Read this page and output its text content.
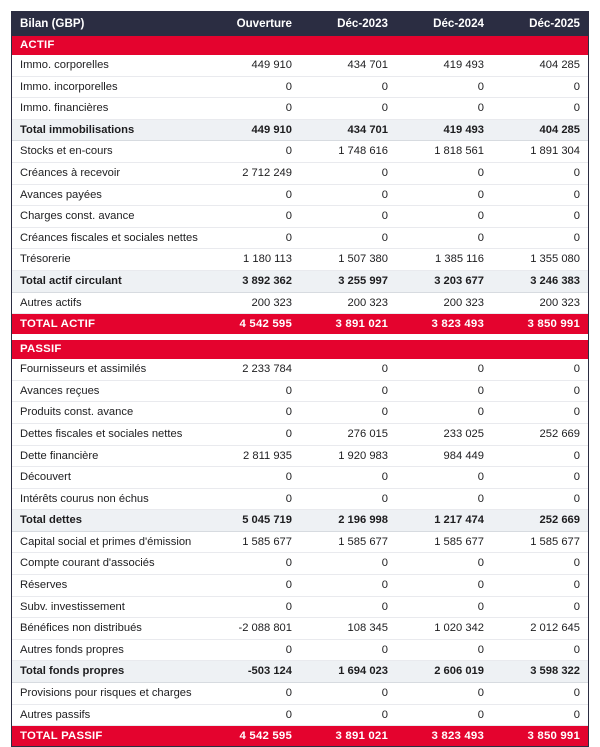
Bilan (GBP)	Ouverture	Déc-2023	Déc-2024	Déc-2025
ACTIF				
Immo. corporelles	449 910	434 701	419 493	404 285
Immo. incorporelles	0	0	0	0
Immo. financières	0	0	0	0
Total immobilisations	449 910	434 701	419 493	404 285
Stocks et en-cours	0	1 748 616	1 818 561	1 891 304
Créances à recevoir	2 712 249	0	0	0
Avances payées	0	0	0	0
Charges const. avance	0	0	0	0
Créances fiscales et sociales nettes	0	0	0	0
Trésorerie	1 180 113	1 507 380	1 385 116	1 355 080
Total actif circulant	3 892 362	3 255 997	3 203 677	3 246 383
Autres actifs	200 323	200 323	200 323	200 323
TOTAL ACTIF	4 542 595	3 891 021	3 823 493	3 850 991

PASSIF				
Fournisseurs et assimilés	2 233 784	0	0	0
Avances reçues	0	0	0	0
Produits const. avance	0	0	0	0
Dettes fiscales et sociales nettes	0	276 015	233 025	252 669
Dette financière	2 811 935	1 920 983	984 449	0
Découvert	0	0	0	0
Intérêts courus non échus	0	0	0	0
Total dettes	5 045 719	2 196 998	1 217 474	252 669
Capital social et primes d'émission	1 585 677	1 585 677	1 585 677	1 585 677
Compte courant d'associés	0	0	0	0
Réserves	0	0	0	0
Subv. investissement	0	0	0	0
Bénéfices non distribués	-2 088 801	108 345	1 020 342	2 012 645
Autres fonds propres	0	0	0	0
Total fonds propres	-503 124	1 694 023	2 606 019	3 598 322
Provisions pour risques et charges	0	0	0	0
Autres passifs	0	0	0	0
TOTAL PASSIF	4 542 595	3 891 021	3 823 493	3 850 991
